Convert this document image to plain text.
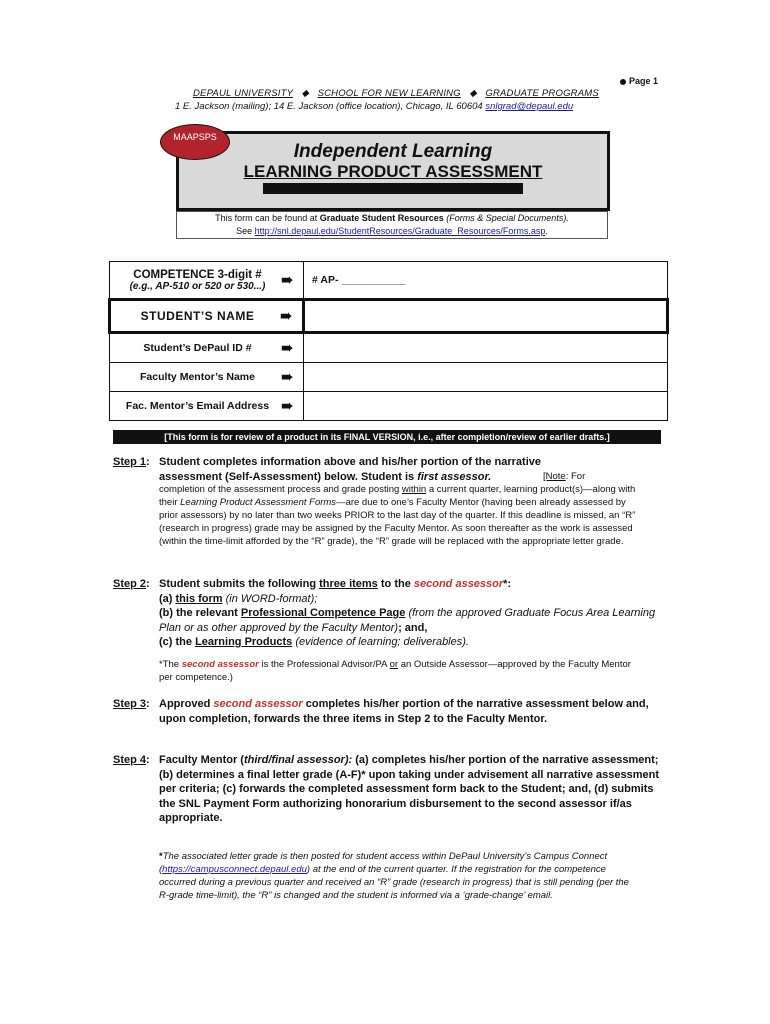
Page 1
DEPAUL UNIVERSITY   ◆   SCHOOL FOR NEW LEARNING   ◆   GRADUATE PROGRAMS
1 E. Jackson (mailing); 14 E. Jackson (office location), Chicago, IL 60604 snlgrad@depaul.edu
Independent Learning
LEARNING PRODUCT ASSESSMENT
MAAPSPS
This form can be found at Graduate Student Resources (Forms & Special Documents).
See http://snl.depaul.edu/StudentResources/Graduate_Resources/Forms.asp.
COMPETENCE 3-digit #
(e.g., AP-510 or 520 or 530...) ➠	# AP- ___________

STUDENT’S NAME ➠	

Student’s DePaul ID # ➠	

Faculty Mentor’s Name ➠	

Fac. Mentor’s Email Address ➠	

[This form is for review of a product in its FINAL VERSION, i.e., after completion/review of earlier drafts.]
Step 1: Student completes information above and his/her portion of the narrative
assessment (Self-Assessment) below. Student is first assessor.	[Note: For
completion of the assessment process and grade posting within a current quarter, learning product(s)—along with their Learning Product Assessment Forms—are due to one’s Faculty Mentor (having been already assessed by prior assessors) by no later than two weeks PRIOR to the last day of the quarter. If this deadline is missed, an “R” (research in progress) grade may be assigned by the Faculty Mentor. As soon thereafter as the work is assessed (within the time-limit afforded by the “R” grade), the “R” grade will be replaced with the appropriate letter grade.
Step 2: Student submits the following three items to the second assessor*:
(a) this form (in WORD-format);
(b) the relevant Professional Competence Page (from the approved Graduate Focus Area Learning Plan or as other approved by the Faculty Mentor); and,
(c) the Learning Products (evidence of learning; deliverables).
*The second assessor is the Professional Advisor/PA or an Outside Assessor—approved by the Faculty Mentor per competence.)
Step 3: Approved second assessor completes his/her portion of the narrative assessment below and, upon completion, forwards the three items in Step 2 to the Faculty Mentor.
Step 4: Faculty Mentor (third/final assessor): (a) completes his/her portion of the narrative assessment; (b) determines a final letter grade (A-F)* upon taking under advisement all narrative assessment per criteria; (c) forwards the completed assessment form back to the Student; and, (d) submits the SNL Payment Form authorizing honorarium disbursement to the second assessor if/as appropriate.
*The associated letter grade is then posted for student access within DePaul University’s Campus Connect (https://campusconnect.depaul.edu) at the end of the current quarter. If the registration for the competence occurred during a previous quarter and received an “R” grade (research in progress) that is still pending (per the R-grade time-limit), the “R” is changed and the student is informed via a ‘grade-change’ email.
